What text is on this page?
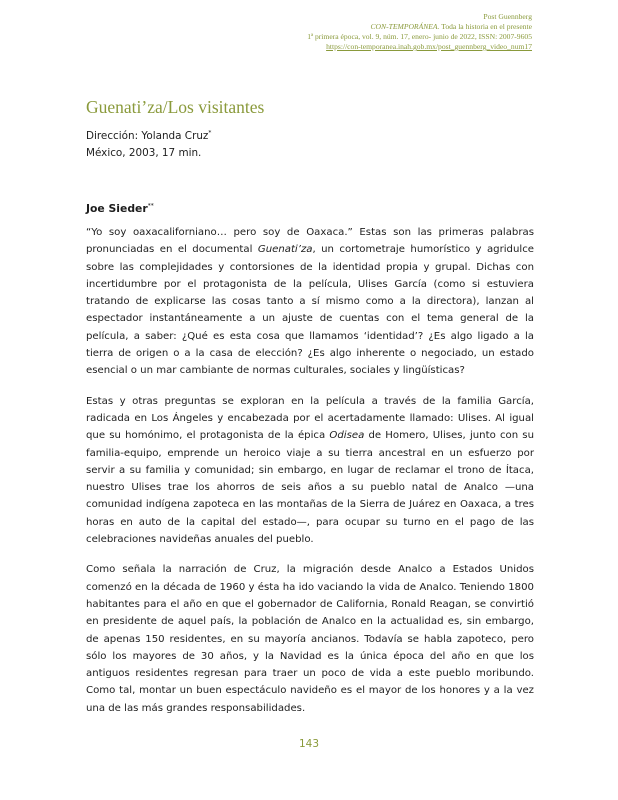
Post Guennberg
CON-TEMPORÁNEA. Toda la historia en el presente
1ª primera época, vol. 9, núm. 17, enero- junio de 2022, ISSN: 2007-9605
https://con-temporanea.inah.gob.mx/post_guennberg_video_num17
Guenati’za/Los visitantes
Dirección: Yolanda Cruz*
México, 2003, 17 min.
Joe Sieder**

“Yo soy oaxacaliforniano… pero soy de Oaxaca.” Estas son las primeras palabras pronunciadas en el documental Guenati’za, un cortometraje humorístico y agridulce sobre las complejidades y contorsiones de la identidad propia y grupal. Dichas con incertidumbre por el protagonista de la película, Ulises García (como si estuviera tratando de explicarse las cosas tanto a sí mismo como a la directora), lanzan al espectador instantáneamente a un ajuste de cuentas con el tema general de la película, a saber: ¿Qué es esta cosa que llamamos ‘identidad’? ¿Es algo ligado a la tierra de origen o a la casa de elección? ¿Es algo inherente o negociado, un estado esencial o un mar cambiante de normas culturales, sociales y lingüísticas?

Estas y otras preguntas se exploran en la película a través de la familia García, radicada en Los Ángeles y encabezada por el acertadamente llamado: Ulises. Al igual que su homónimo, el protagonista de la épica Odisea de Homero, Ulises, junto con su familia-equipo, emprende un heroico viaje a su tierra ancestral en un esfuerzo por servir a su familia y comunidad; sin embargo, en lugar de reclamar el trono de Ítaca, nuestro Ulises trae los ahorros de seis años a su pueblo natal de Analco —una comunidad indígena zapoteca en las montañas de la Sierra de Juárez en Oaxaca, a tres horas en auto de la capital del estado—, para ocupar su turno en el pago de las celebraciones navideñas anuales del pueblo.

Como señala la narración de Cruz, la migración desde Analco a Estados Unidos comenzó en la década de 1960 y ésta ha ido vaciando la vida de Analco. Teniendo 1800 habitantes para el año en que el gobernador de California, Ronald Reagan, se convirtió en presidente de aquel país, la población de Analco en la actualidad es, sin embargo, de apenas 150 residentes, en su mayoría ancianos. Todavía se habla zapoteco, pero sólo los mayores de 30 años, y la Navidad es la única época del año en que los antiguos residentes regresan para traer un poco de vida a este pueblo moribundo. Como tal, montar un buen espectáculo navideño es el mayor de los honores y a la vez una de las más grandes responsabilidades.

143
